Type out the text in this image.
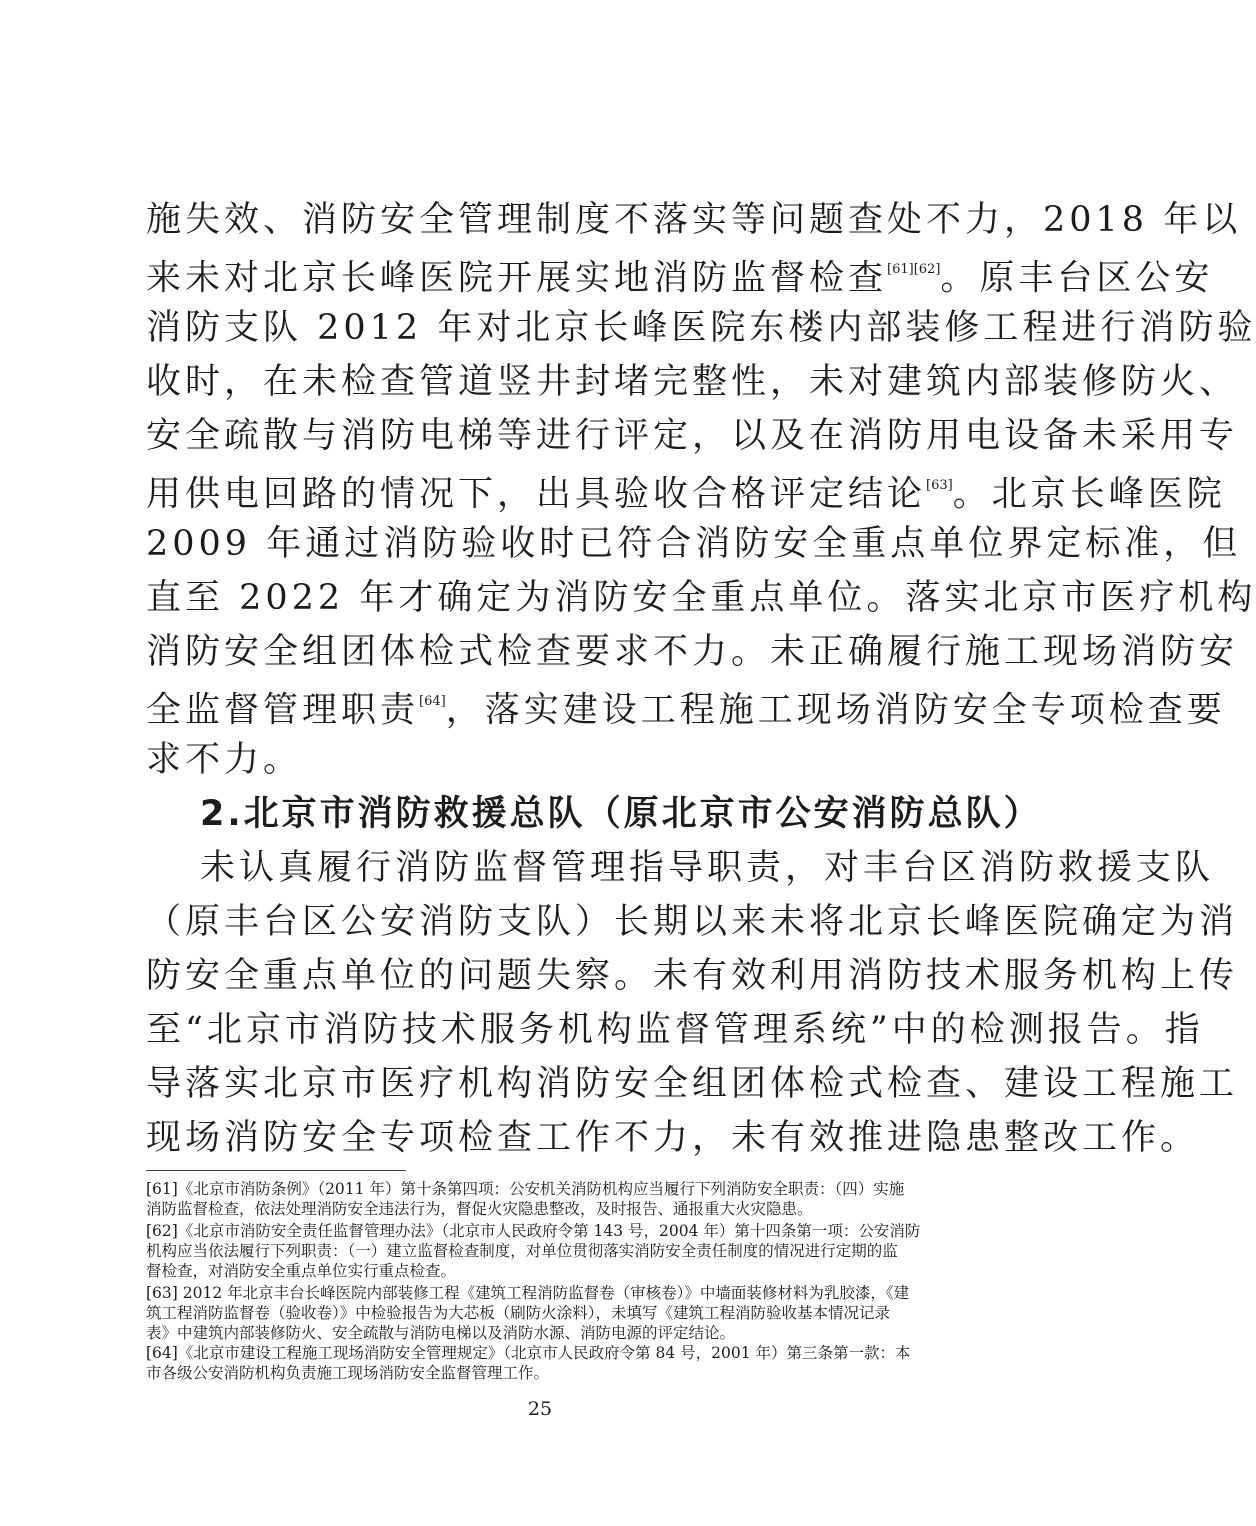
施失效、消防安全管理制度不落实等问题查处不力，2018 年以
来未对北京长峰医院开展实地消防监督检查[61][62]。原丰台区公安
消防支队 2012 年对北京长峰医院东楼内部装修工程进行消防验
收时，在未检查管道竖井封堵完整性，未对建筑内部装修防火、
安全疏散与消防电梯等进行评定，以及在消防用电设备未采用专
用供电回路的情况下，出具验收合格评定结论[63]。北京长峰医院
2009 年通过消防验收时已符合消防安全重点单位界定标准，但
直至 2022 年才确定为消防安全重点单位。落实北京市医疗机构
消防安全组团体检式检查要求不力。未正确履行施工现场消防安
全监督管理职责[64]，落实建设工程施工现场消防安全专项检查要
求不力。
2.北京市消防救援总队（原北京市公安消防总队）
未认真履行消防监督管理指导职责，对丰台区消防救援支队
（原丰台区公安消防支队）长期以来未将北京长峰医院确定为消
防安全重点单位的问题失察。未有效利用消防技术服务机构上传
至“北京市消防技术服务机构监督管理系统”中的检测报告。指
导落实北京市医疗机构消防安全组团体检式检查、建设工程施工
现场消防安全专项检查工作不力，未有效推进隐患整改工作。
[61]《北京市消防条例》（2011 年）第十条第四项：公安机关消防机构应当履行下列消防安全职责：（四）实施
消防监督检查，依法处理消防安全违法行为，督促火灾隐患整改，及时报告、通报重大火灾隐患。
[62]《北京市消防安全责任监督管理办法》（北京市人民政府令第 143 号，2004 年）第十四条第一项：公安消防
机构应当依法履行下列职责：（一）建立监督检查制度，对单位贯彻落实消防安全责任制度的情况进行定期的监
督检查，对消防安全重点单位实行重点检查。
[63] 2012 年北京丰台长峰医院内部装修工程《建筑工程消防监督卷（审核卷）》中墙面装修材料为乳胶漆，《建
筑工程消防监督卷（验收卷）》中检验报告为大芯板（刷防火涂料），未填写《建筑工程消防验收基本情况记录
表》中建筑内部装修防火、安全疏散与消防电梯以及消防水源、消防电源的评定结论。
[64]《北京市建设工程施工现场消防安全管理规定》（北京市人民政府令第 84 号，2001 年）第三条第一款：本
市各级公安消防机构负责施工现场消防安全监督管理工作。
25
